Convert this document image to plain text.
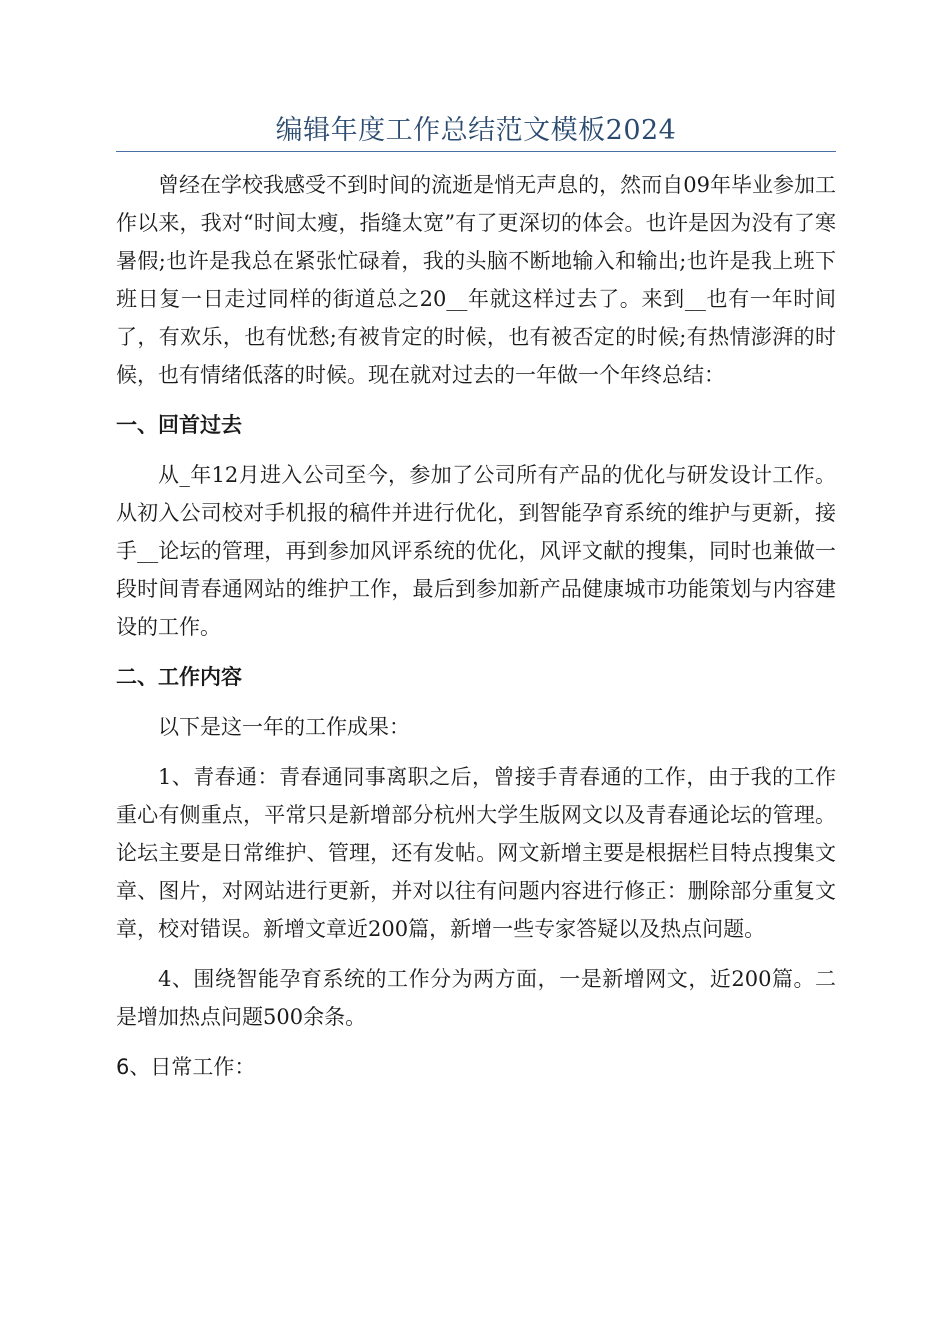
编辑年度工作总结范文模板2024

曾经在学校我感受不到时间的流逝是悄无声息的，然而自09年毕业参加工作以来，我对“时间太瘦，指缝太宽”有了更深切的体会。也许是因为没有了寒暑假;也许是我总在紧张忙碌着，我的头脑不断地输入和输出;也许是我上班下班日复一日走过同样的街道总之20__年就这样过去了。来到__也有一年时间了，有欢乐，也有忧愁;有被肯定的时候，也有被否定的时候;有热情澎湃的时候，也有情绪低落的时候。现在就对过去的一年做一个年终总结：

一、回首过去

从_年12月进入公司至今，参加了公司所有产品的优化与研发设计工作。从初入公司校对手机报的稿件并进行优化，到智能孕育系统的维护与更新，接手__论坛的管理，再到参加风评系统的优化，风评文献的搜集，同时也兼做一段时间青春通网站的维护工作，最后到参加新产品健康城市功能策划与内容建设的工作。

二、工作内容

以下是这一年的工作成果：

1、青春通：青春通同事离职之后，曾接手青春通的工作，由于我的工作重心有侧重点，平常只是新增部分杭州大学生版网文以及青春通论坛的管理。论坛主要是日常维护、管理，还有发帖。网文新增主要是根据栏目特点搜集文章、图片，对网站进行更新，并对以往有问题内容进行修正：删除部分重复文章，校对错误。新增文章近200篇，新增一些专家答疑以及热点问题。

4、围绕智能孕育系统的工作分为两方面，一是新增网文，近200篇。二是增加热点问题500余条。

6、日常工作：
